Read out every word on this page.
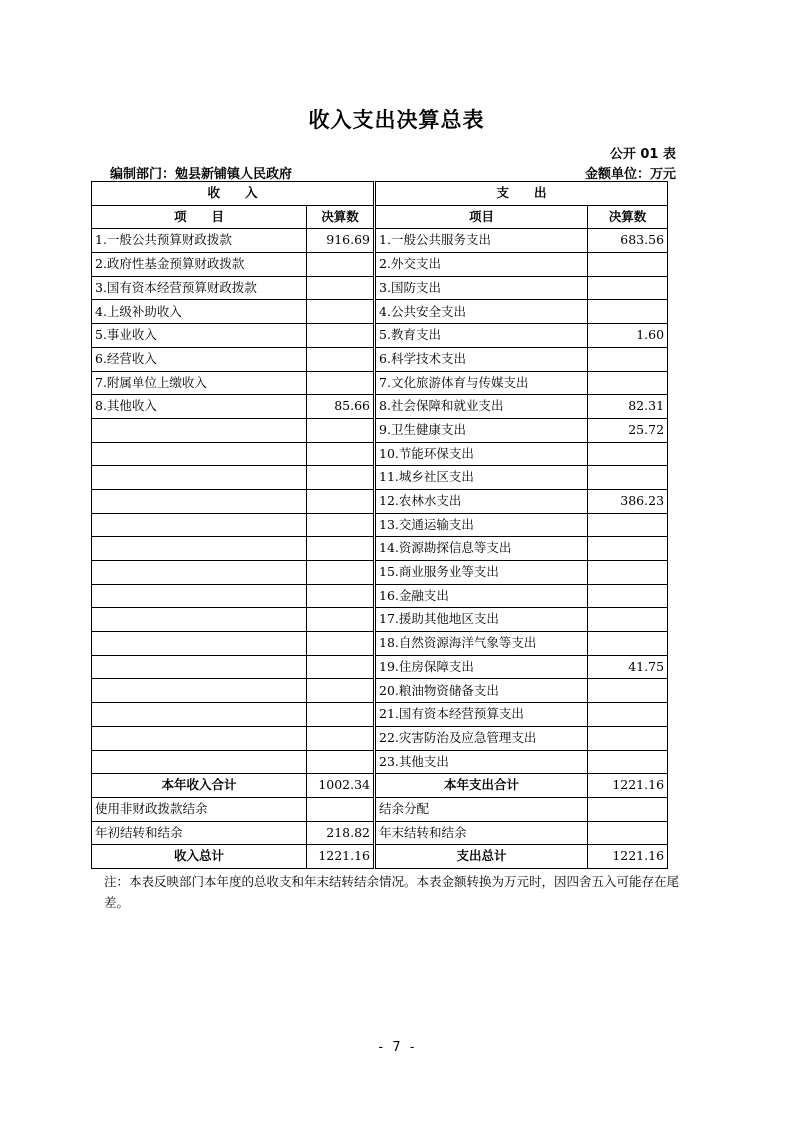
收入支出决算总表
公开 01 表
编制部门：勉县新铺镇人民政府	金额单位：万元
收　　入		支　　出	
项　　目	决算数	项目	决算数
1.一般公共预算财政拨款	916.69	1.一般公共服务支出	683.56
2.政府性基金预算财政拨款		2.外交支出	
3.国有资本经营预算财政拨款		3.国防支出	
4.上级补助收入		4.公共安全支出	
5.事业收入		5.教育支出	1.60
6.经营收入		6.科学技术支出	
7.附属单位上缴收入		7.文化旅游体育与传媒支出	
8.其他收入	85.66	8.社会保障和就业支出	82.31
		9.卫生健康支出	25.72
		10.节能环保支出	
		11.城乡社区支出	
		12.农林水支出	386.23
		13.交通运输支出	
		14.资源勘探信息等支出	
		15.商业服务业等支出	
		16.金融支出	
		17.援助其他地区支出	
		18.自然资源海洋气象等支出	
		19.住房保障支出	41.75
		20.粮油物资储备支出	
		21.国有资本经营预算支出	
		22.灾害防治及应急管理支出	
		23.其他支出	
本年收入合计	1002.34	本年支出合计	1221.16
使用非财政拨款结余		结余分配	
年初结转和结余	218.82	年末结转和结余	
收入总计	1221.16	支出总计	1221.16
注：本表反映部门本年度的总收支和年末结转结余情况。本表金额转换为万元时，因四舍五入可能存在尾差。
- 7 -
